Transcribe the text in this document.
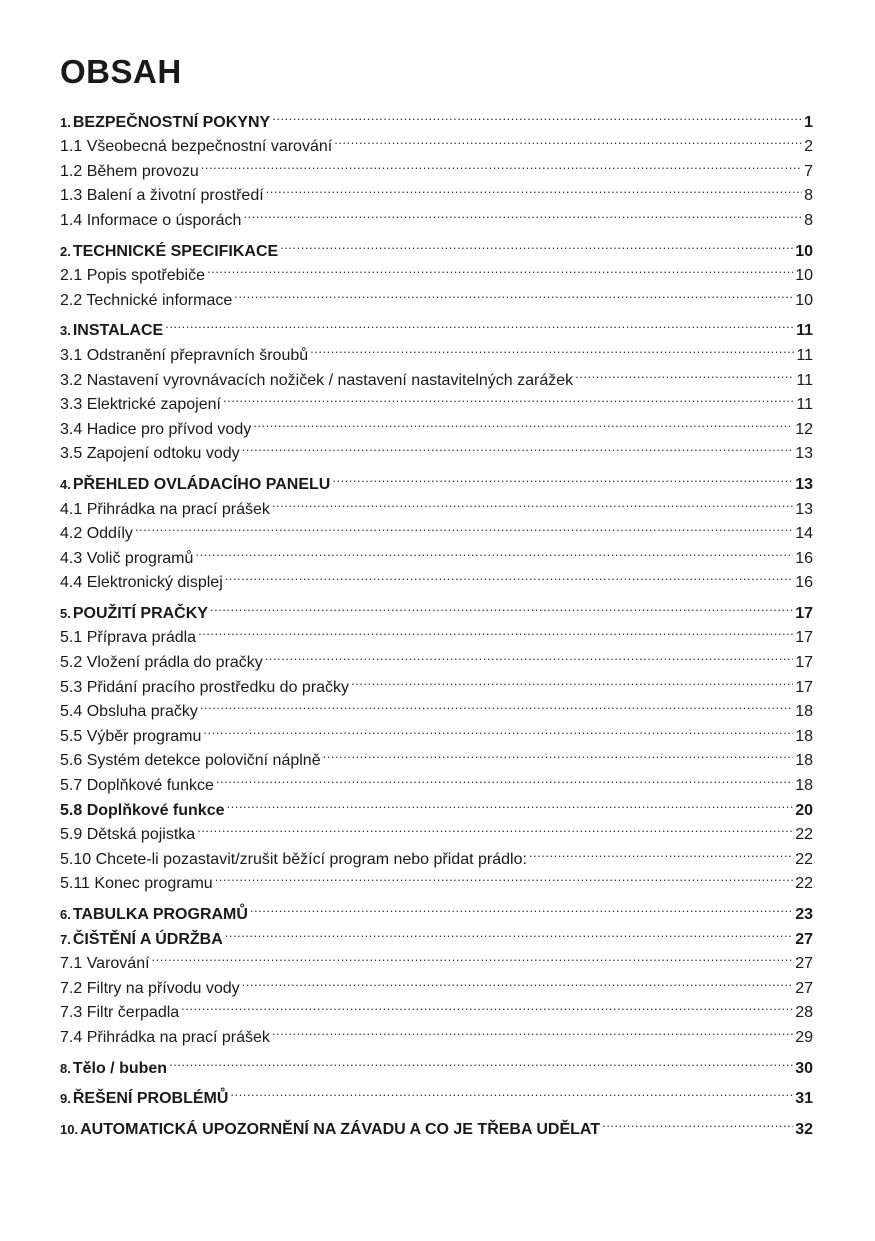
OBSAH
1. BEZPEČNOSTNÍ POKYNY .....	1
1.1 Všeobecná bezpečnostní varování .....	2
1.2 Během provozu .....	7
1.3 Balení a životní prostředí .....	8
1.4 Informace o úsporách .....	8
2. TECHNICKÉ SPECIFIKACE .....	10
2.1 Popis spotřebiče .....	10
2.2 Technické informace .....	10
3. INSTALACE .....	11
3.1 Odstranění přepravních šroubů .....	11
3.2 Nastavení vyrovnávacích nožiček / nastavení nastavitelných zarážek .....	11
3.3 Elektrické zapojení .....	11
3.4 Hadice pro přívod vody .....	12
3.5 Zapojení odtoku vody .....	13
4. PŘEHLED OVLÁDACÍHO PANELU .....	13
4.1 Přihrádka na prací prášek .....	13
4.2 Oddíly .....	14
4.3 Volič programů .....	16
4.4 Elektronický displej .....	16
5. POUŽITÍ PRAČKY .....	17
5.1 Příprava prádla .....	17
5.2 Vložení prádla do pračky .....	17
5.3 Přidání pracího prostředku do pračky .....	17
5.4 Obsluha pračky .....	18
5.5 Výběr programu .....	18
5.6 Systém detekce poloviční náplně .....	18
5.7 Doplňkové funkce .....	18
5.8 Doplňkové funkce .....	20
5.9 Dětská pojistka .....	22
5.10 Chcete-li pozastavit/zrušit běžící program nebo přidat prádlo: .....	22
5.11 Konec programu .....	22
6. TABULKA PROGRAMŮ .....	23
7. ČIŠTĚNÍ A ÚDRŽBA .....	27
7.1 Varování .....	27
7.2 Filtry na přívodu vody .....	27
7.3 Filtr čerpadla .....	28
7.4 Přihrádka na prací prášek .....	29
8. Tělo / buben .....	30
9. ŘEŠENÍ PROBLÉMŮ .....	31
10. AUTOMATICKÁ UPOZORNĚNÍ NA ZÁVADU A CO JE TŘEBA UDĚLAT .....	32
